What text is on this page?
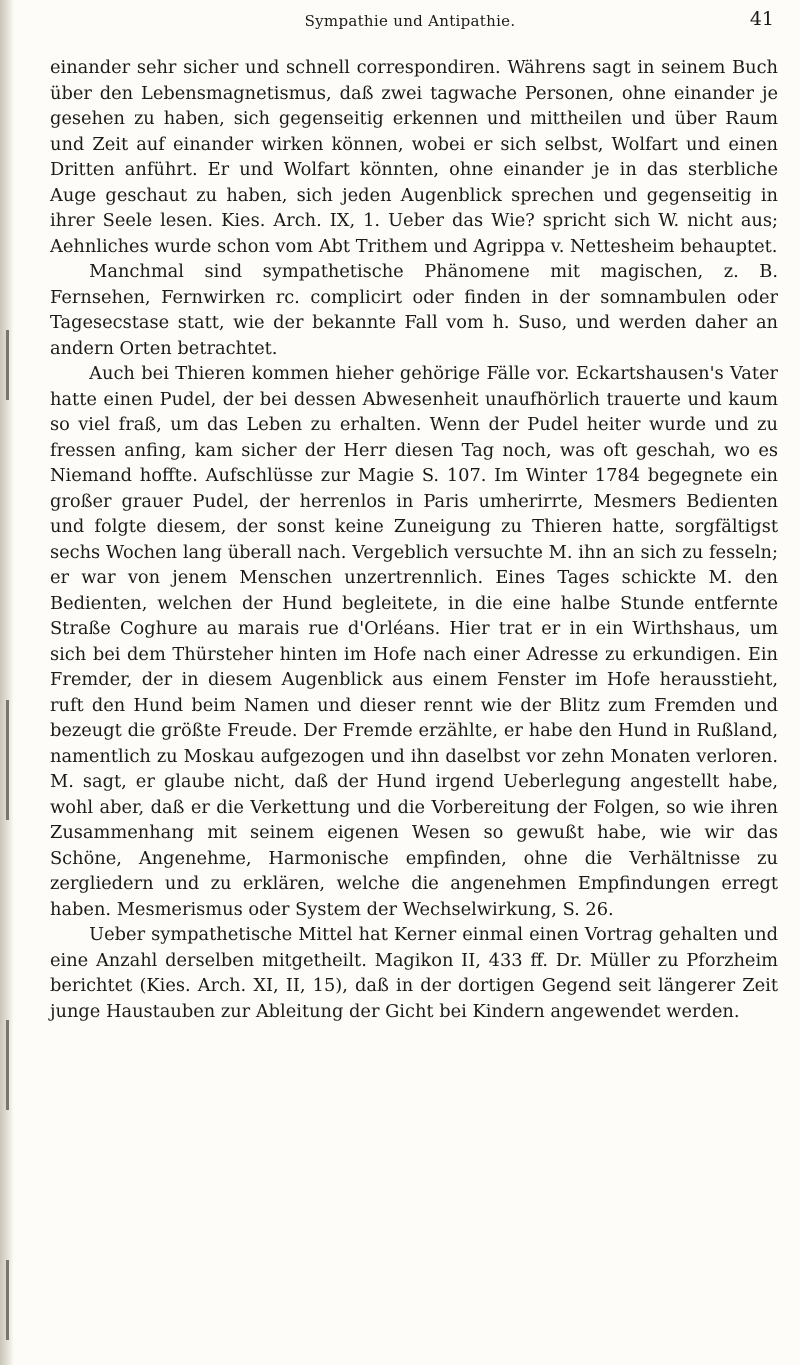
Sympathie und Antipathie.	41

einander sehr sicher und schnell correspondiren. Währens sagt in seinem Buch über den Lebensmagnetismus, daß zwei tagwache Personen, ohne einander je gesehen zu haben, sich gegenseitig erkennen und mittheilen und über Raum und Zeit auf einander wirken können, wobei er sich selbst, Wolfart und einen Dritten anführt. Er und Wolfart könnten, ohne einander je in das sterbliche Auge geschaut zu haben, sich jeden Augenblick sprechen und gegenseitig in ihrer Seele lesen. Kies. Arch. IX, 1. Ueber das Wie? spricht sich W. nicht aus; Aehnliches wurde schon vom Abt Trithem und Agrippa v. Nettesheim behauptet.

Manchmal sind sympathetische Phänomene mit magischen, z. B. Fernsehen, Fernwirken rc. complicirt oder finden in der somnambulen oder Tagesecstase statt, wie der bekannte Fall vom h. Suso, und werden daher an andern Orten betrachtet.

Auch bei Thieren kommen hieher gehörige Fälle vor. Eckartshausen's Vater hatte einen Pudel, der bei dessen Abwesenheit unaufhörlich trauerte und kaum so viel fraß, um das Leben zu erhalten. Wenn der Pudel heiter wurde und zu fressen anfing, kam sicher der Herr diesen Tag noch, was oft geschah, wo es Niemand hoffte. Aufschlüsse zur Magie S. 107. Im Winter 1784 begegnete ein großer grauer Pudel, der herrenlos in Paris umherirrte, Mesmers Bedienten und folgte diesem, der sonst keine Zuneigung zu Thieren hatte, sorgfältigst sechs Wochen lang überall nach. Vergeblich versuchte M. ihn an sich zu fesseln; er war von jenem Menschen unzertrennlich. Eines Tages schickte M. den Bedienten, welchen der Hund begleitete, in die eine halbe Stunde entfernte Straße Coghure au marais rue d'Orléans. Hier trat er in ein Wirthshaus, um sich bei dem Thürsteher hinten im Hofe nach einer Adresse zu erkundigen. Ein Fremder, der in diesem Augenblick aus einem Fenster im Hofe herausstieht, ruft den Hund beim Namen und dieser rennt wie der Blitz zum Fremden und bezeugt die größte Freude. Der Fremde erzählte, er habe den Hund in Rußland, namentlich zu Moskau aufgezogen und ihn daselbst vor zehn Monaten verloren. M. sagt, er glaube nicht, daß der Hund irgend Ueberlegung angestellt habe, wohl aber, daß er die Verkettung und die Vorbereitung der Folgen, so wie ihren Zusammenhang mit seinem eigenen Wesen so gewußt habe, wie wir das Schöne, Angenehme, Harmonische empfinden, ohne die Verhältnisse zu zergliedern und zu erklären, welche die angenehmen Empfindungen erregt haben. Mesmerismus oder System der Wechselwirkung, S. 26.

Ueber sympathetische Mittel hat Kerner einmal einen Vortrag gehalten und eine Anzahl derselben mitgetheilt. Magikon II, 433 ff. Dr. Müller zu Pforzheim berichtet (Kies. Arch. XI, II, 15), daß in der dortigen Gegend seit längerer Zeit junge Haustauben zur Ableitung der Gicht bei Kindern angewendet werden.
